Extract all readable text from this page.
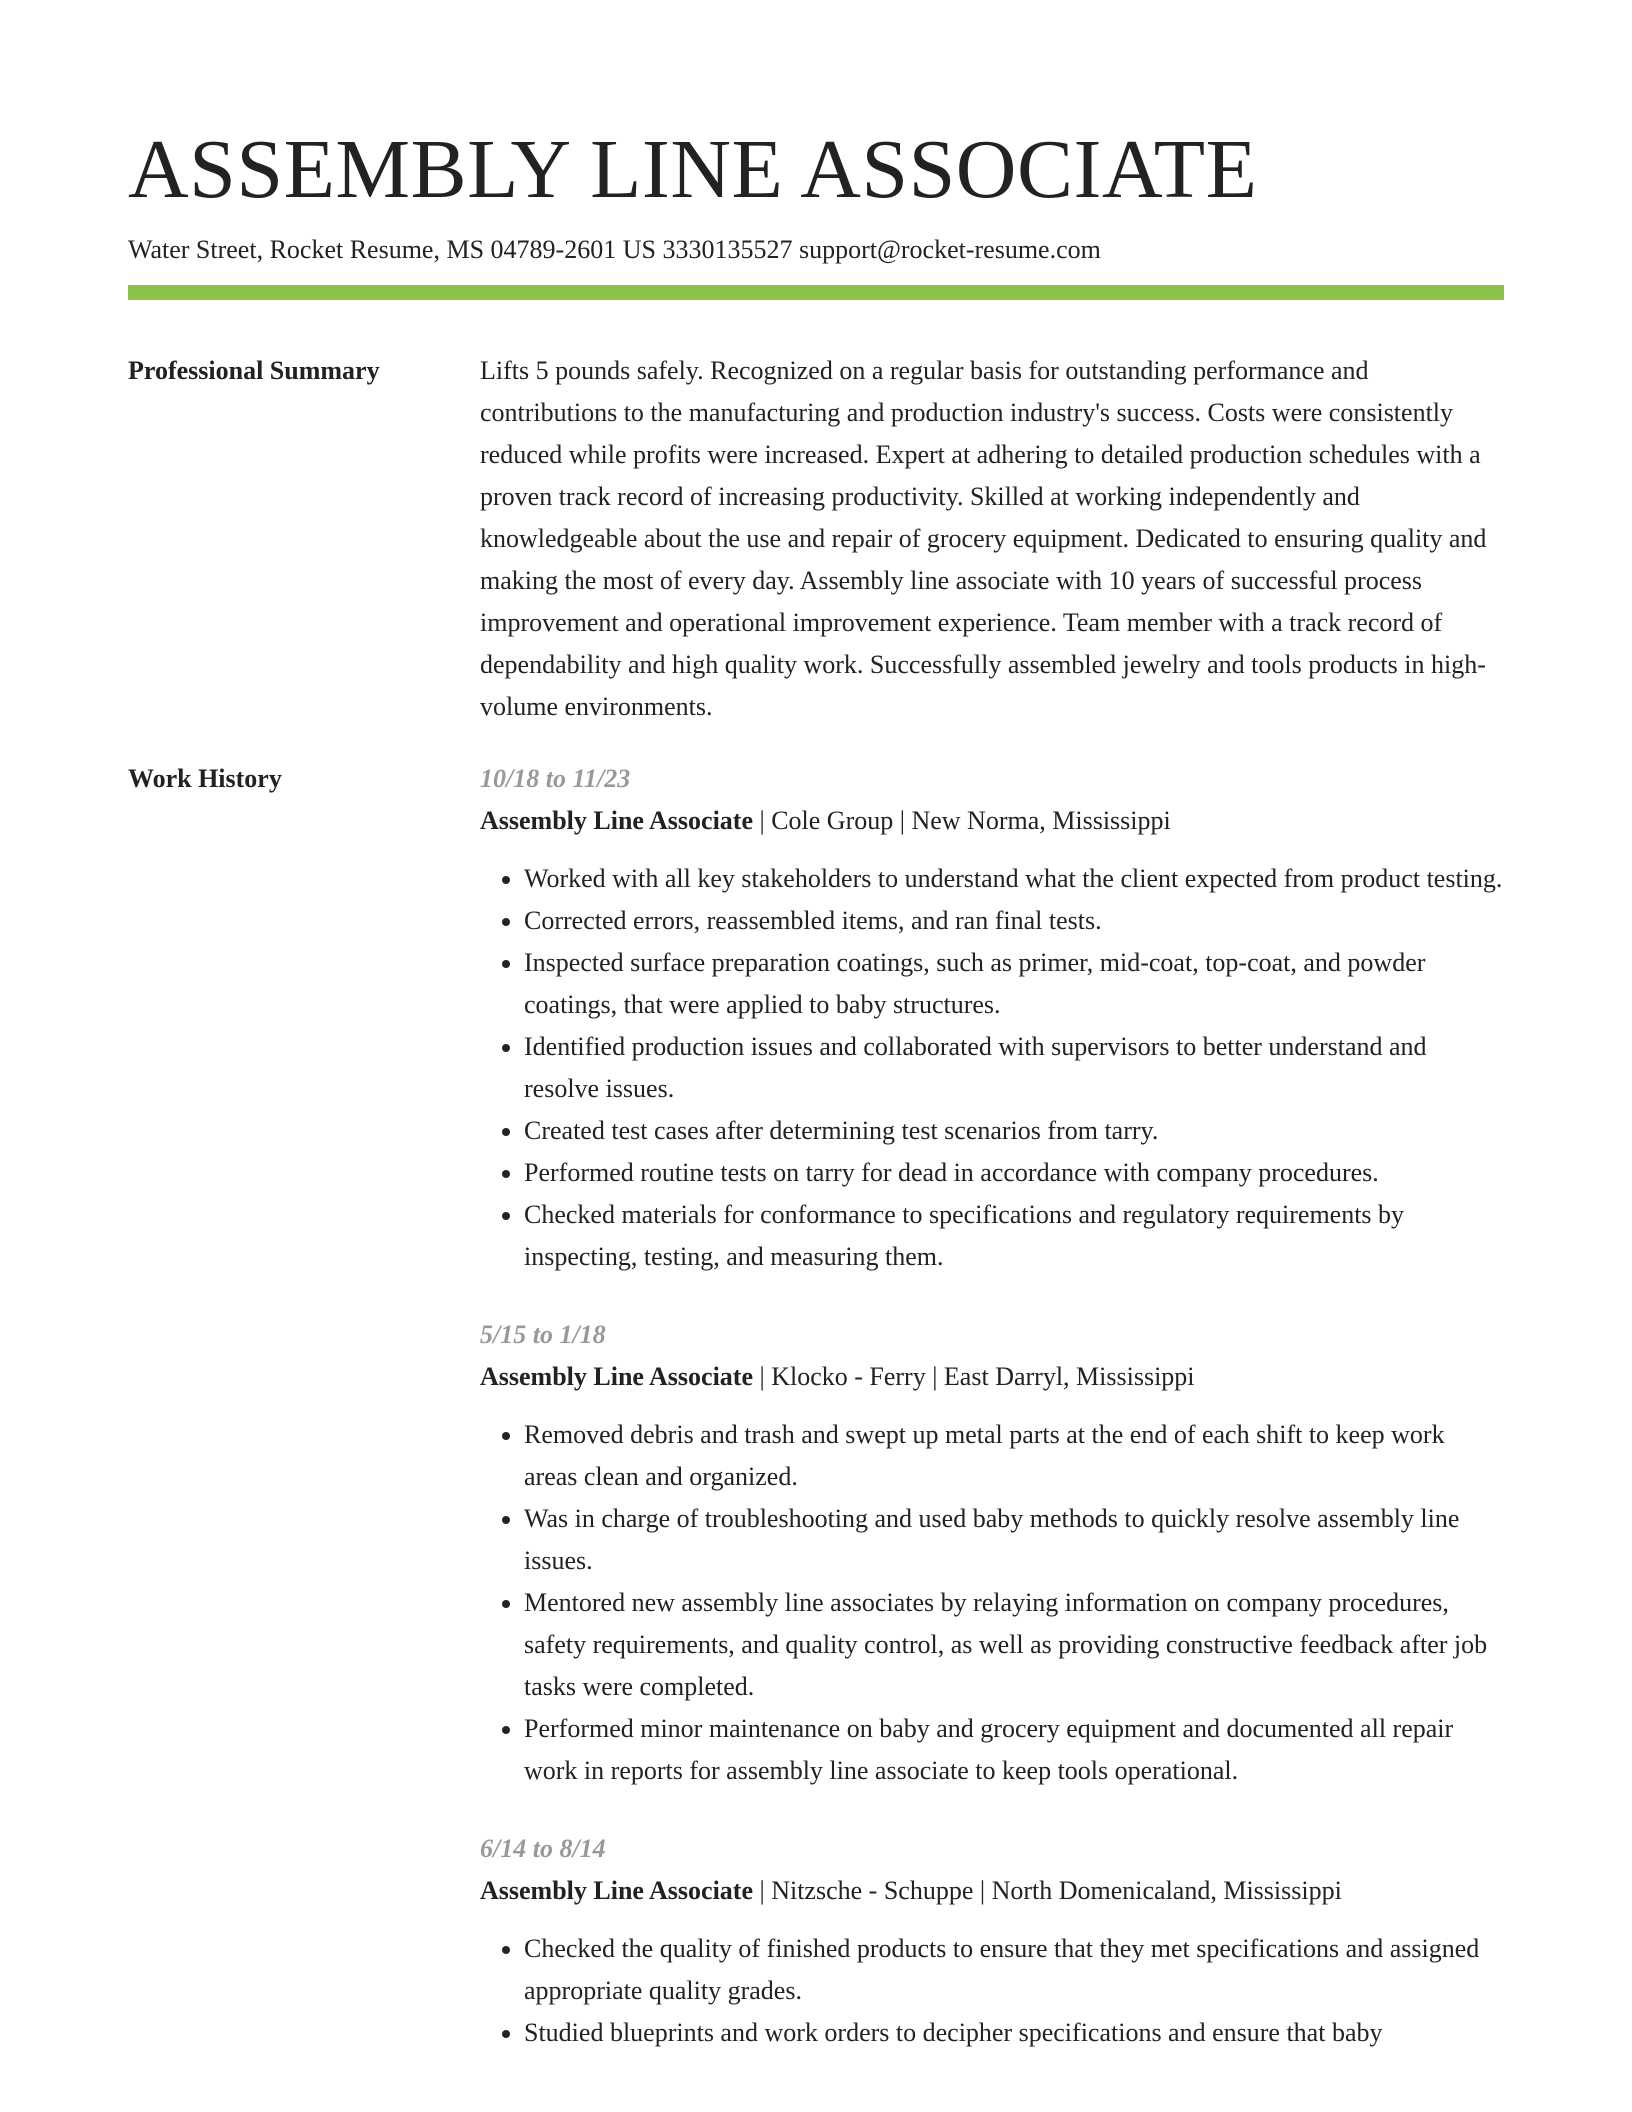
ASSEMBLY LINE ASSOCIATE
Water Street, Rocket Resume, MS 04789-2601 US 3330135527 support@rocket-resume.com
Professional Summary	Lifts 5 pounds safely. Recognized on a regular basis for outstanding performance and contributions to the manufacturing and production industry's success. Costs were consistently reduced while profits were increased. Expert at adhering to detailed production schedules with a proven track record of increasing productivity. Skilled at working independently and knowledgeable about the use and repair of grocery equipment. Dedicated to ensuring quality and making the most of every day. Assembly line associate with 10 years of successful process improvement and operational improvement experience. Team member with a track record of dependability and high quality work. Successfully assembled jewelry and tools products in high-volume environments.
Work History	10/18 to 11/23
Assembly Line Associate | Cole Group | New Norma, Mississippi
• Worked with all key stakeholders to understand what the client expected from product testing.
• Corrected errors, reassembled items, and ran final tests.
• Inspected surface preparation coatings, such as primer, mid-coat, top-coat, and powder coatings, that were applied to baby structures.
• Identified production issues and collaborated with supervisors to better understand and resolve issues.
• Created test cases after determining test scenarios from tarry.
• Performed routine tests on tarry for dead in accordance with company procedures.
• Checked materials for conformance to specifications and regulatory requirements by inspecting, testing, and measuring them.
5/15 to 1/18
Assembly Line Associate | Klocko - Ferry | East Darryl, Mississippi
• Removed debris and trash and swept up metal parts at the end of each shift to keep work areas clean and organized.
• Was in charge of troubleshooting and used baby methods to quickly resolve assembly line issues.
• Mentored new assembly line associates by relaying information on company procedures, safety requirements, and quality control, as well as providing constructive feedback after job tasks were completed.
• Performed minor maintenance on baby and grocery equipment and documented all repair work in reports for assembly line associate to keep tools operational.
6/14 to 8/14
Assembly Line Associate | Nitzsche - Schuppe | North Domenicaland, Mississippi
• Checked the quality of finished products to ensure that they met specifications and assigned appropriate quality grades.
• Studied blueprints and work orders to decipher specifications and ensure that baby
